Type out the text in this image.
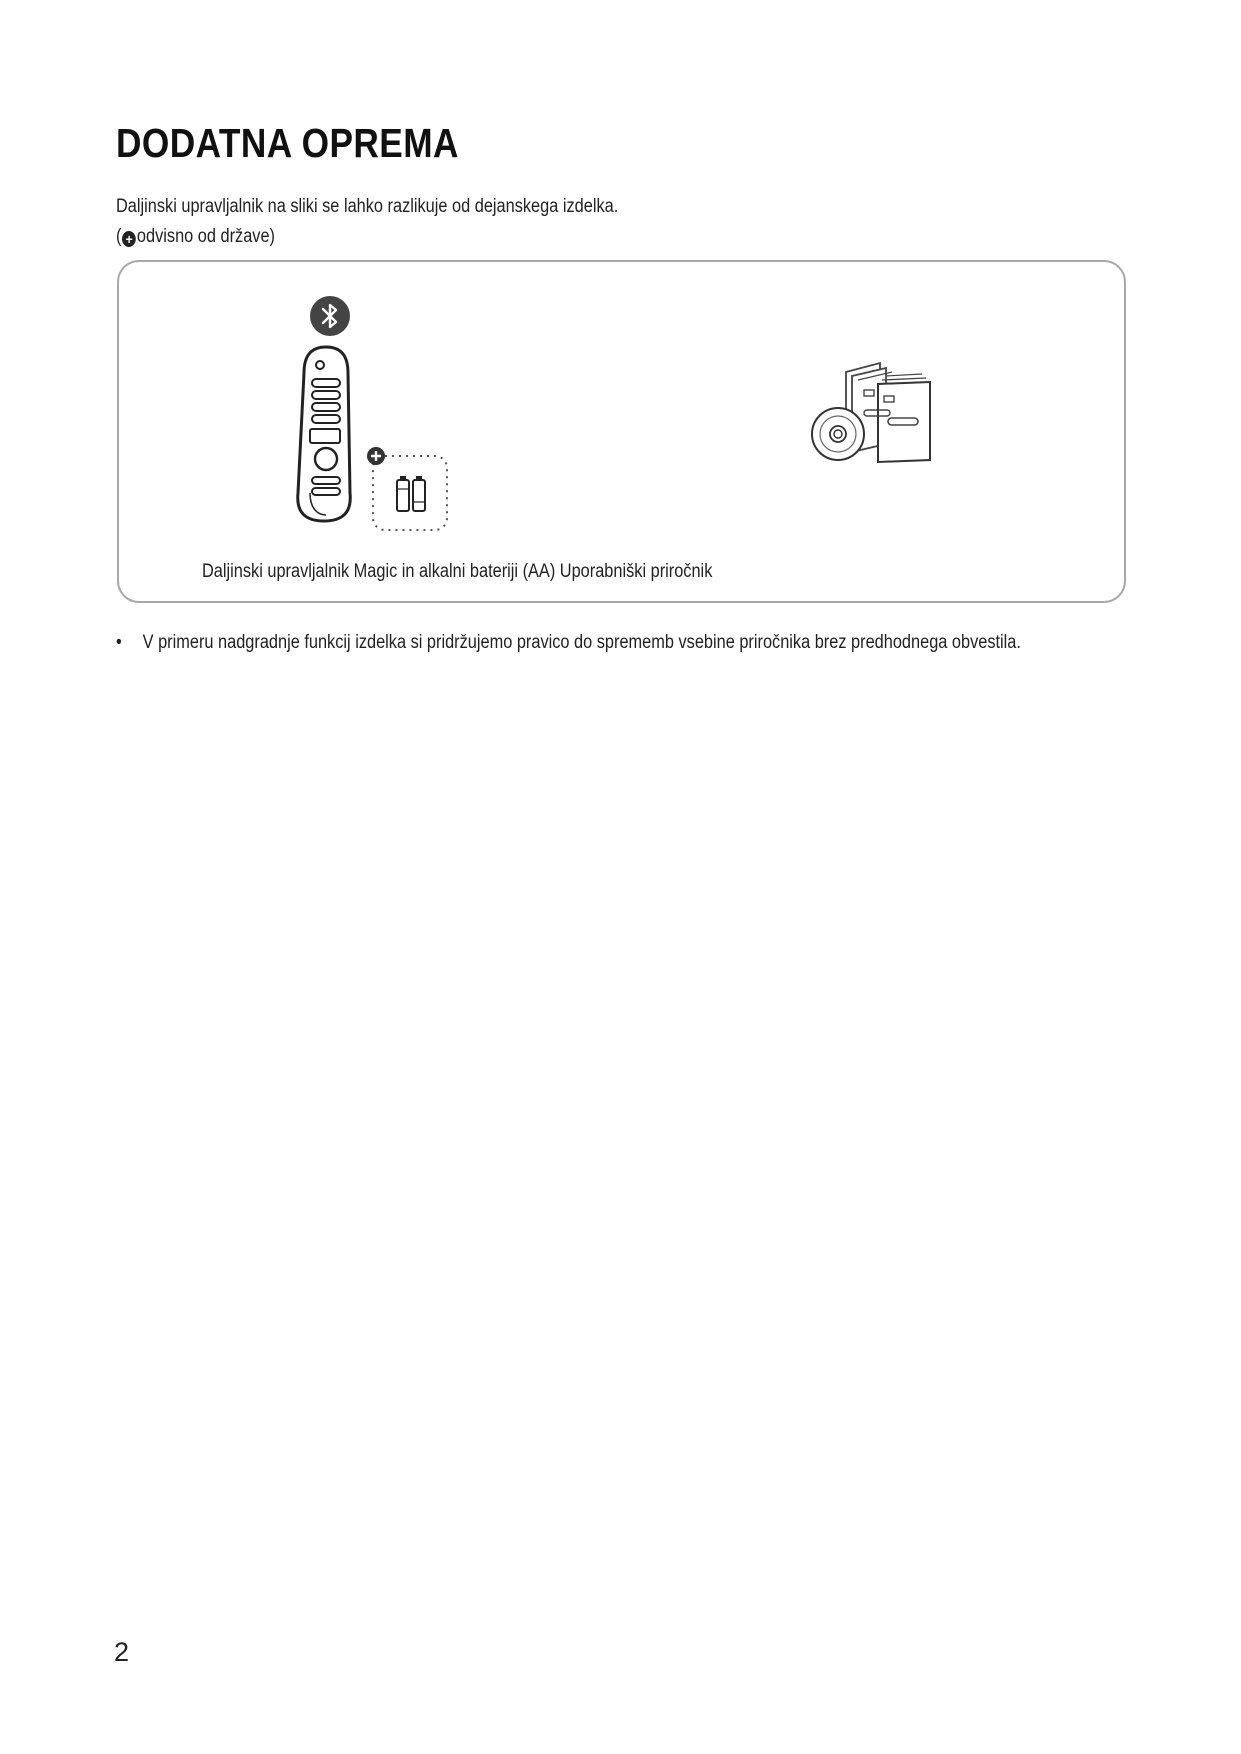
DODATNA OPREMA
Daljinski upravljalnik na sliki se lahko razlikuje od dejanskega izdelka.
( + odvisno od države)
Daljinski upravljalnik Magic in alkalni bateriji (AA) Uporabniški priročnik
• V primeru nadgradnje funkcij izdelka si pridržujemo pravico do sprememb vsebine priročnika brez predhodnega obvestila.
2
